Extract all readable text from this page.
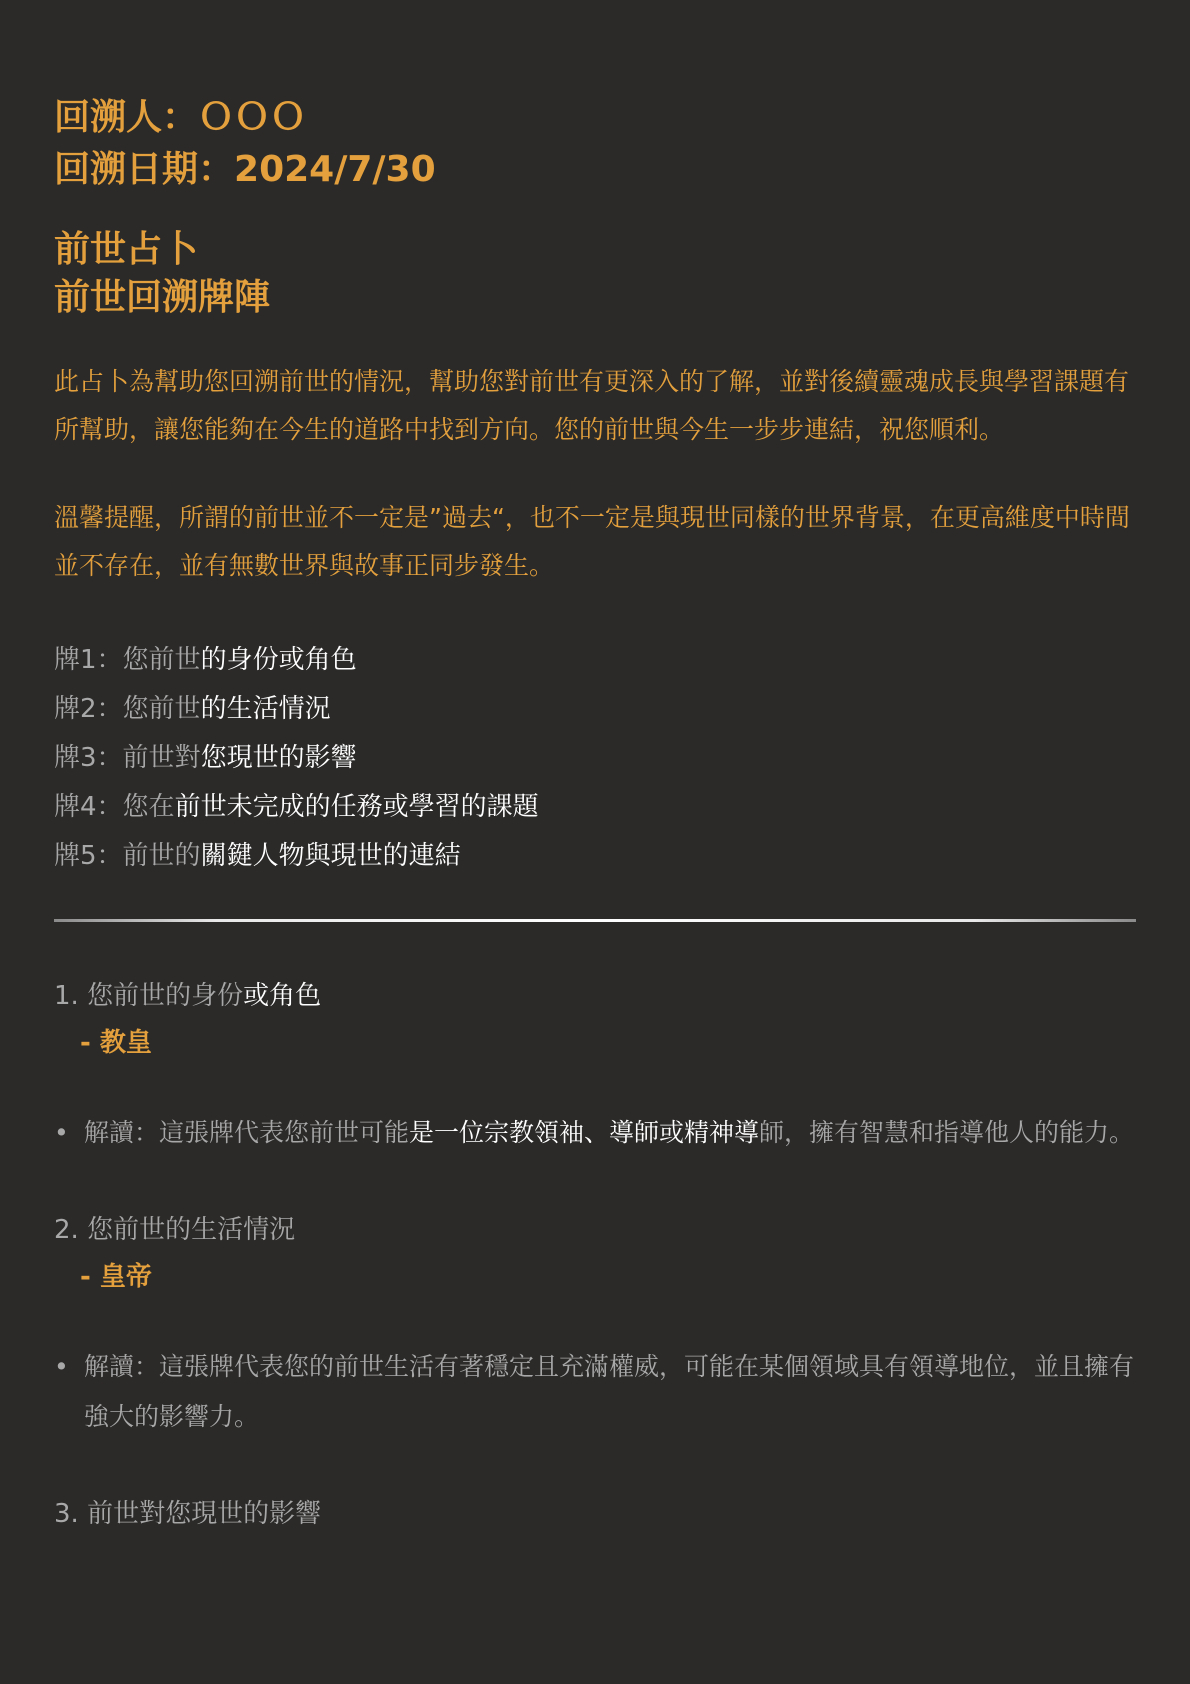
回溯人：ＯＯＯ
回溯日期：2024/7/30
前世占卜
前世回溯牌陣

此占卜為幫助您回溯前世的情況，幫助您對前世有更深入的了解，並對後續靈魂成長與學習課題有所幫助，讓您能夠在今生的道路中找到方向。您的前世與今生一步步連結，祝您順利。

溫馨提醒，所謂的前世並不一定是”過去“，也不一定是與現世同樣的世界背景，在更高維度中時間並不存在，並有無數世界與故事正同步發生。

牌1：您前世的身份或角色
牌2：您前世的生活情況
牌3：前世對您現世的影響
牌4：您在前世未完成的任務或學習的課題
牌5：前世的關鍵人物與現世的連結
1. 您前世的身份或角色
- 教皇
• 解讀：這張牌代表您前世可能是一位宗教領袖、導師或精神導師，擁有智慧和指導他人的能力。
2. 您前世的生活情況
- 皇帝
• 解讀：這張牌代表您的前世生活有著穩定且充滿權威，可能在某個領域具有領導地位，並且擁有強大的影響力。
3. 前世對您現世的影響
